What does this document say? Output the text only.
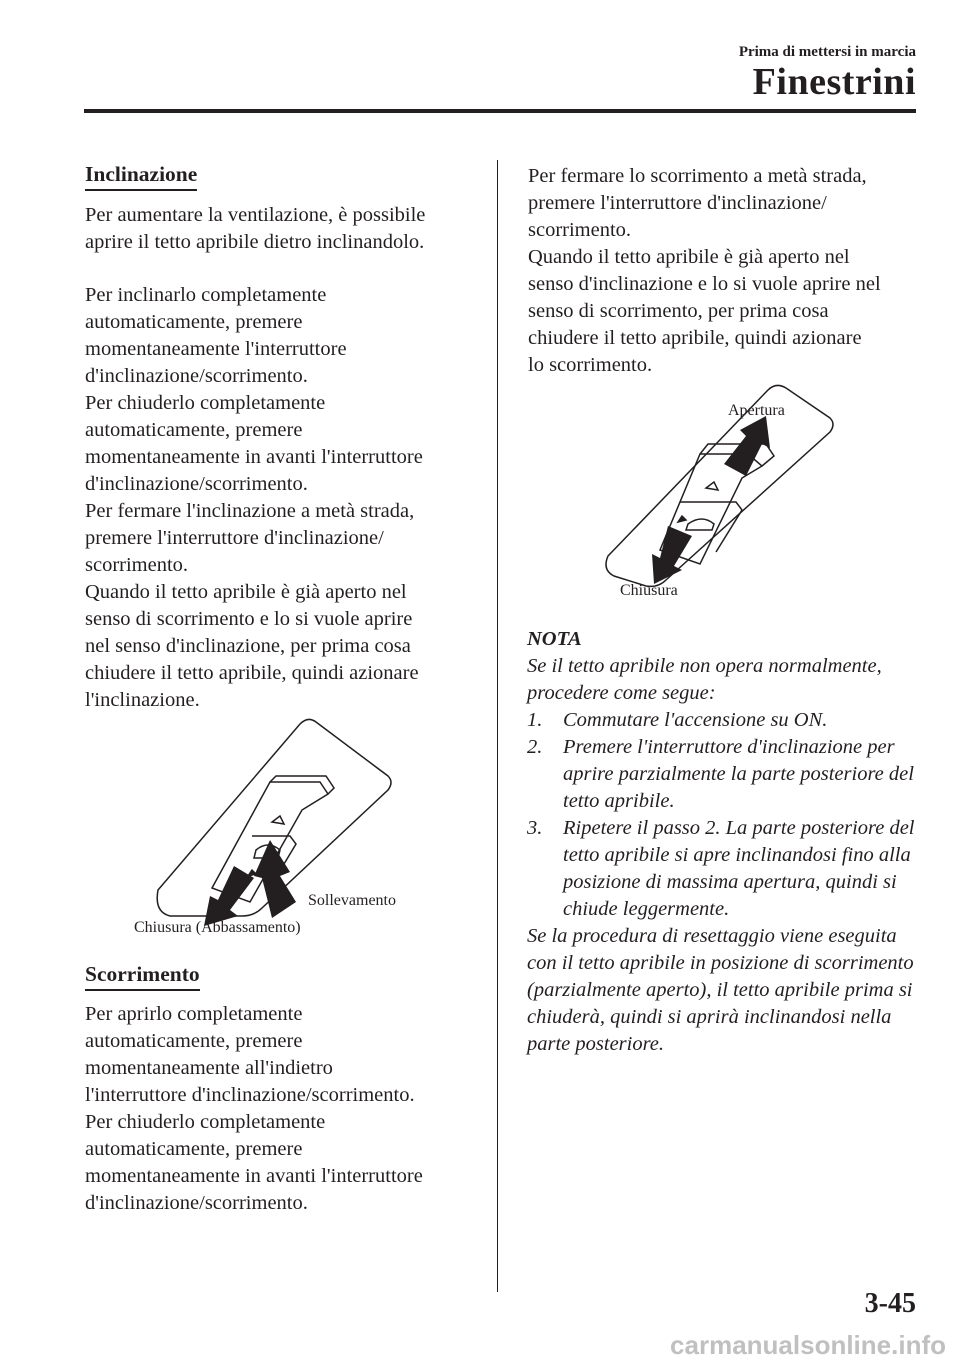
Prima di mettersi in marcia
Finestrini
Inclinazione

Per aumentare la ventilazione, è possibile
aprire il tetto apribile dietro inclinandolo.

Per inclinarlo completamente
automaticamente, premere
momentaneamente l'interruttore
d'inclinazione/scorrimento.
Per chiuderlo completamente
automaticamente, premere
momentaneamente in avanti l'interruttore
d'inclinazione/scorrimento.
Per fermare l'inclinazione a metà strada,
premere l'interruttore d'inclinazione/
scorrimento.
Quando il tetto apribile è già aperto nel
senso di scorrimento e lo si vuole aprire
nel senso d'inclinazione, per prima cosa
chiudere il tetto apribile, quindi azionare
l'inclinazione.

Sollevamento
Chiusura (Abbassamento)
Scorrimento

Per aprirlo completamente
automaticamente, premere
momentaneamente all'indietro
l'interruttore d'inclinazione/scorrimento.
Per chiuderlo completamente
automaticamente, premere
momentaneamente in avanti l'interruttore
d'inclinazione/scorrimento.

Per fermare lo scorrimento a metà strada,
premere l'interruttore d'inclinazione/
scorrimento.
Quando il tetto apribile è già aperto nel
senso d'inclinazione e lo si vuole aprire nel
senso di scorrimento, per prima cosa
chiudere il tetto apribile, quindi azionare
lo scorrimento.

Apertura
Chiusura

NOTA

Se il tetto apribile non opera normalmente, procedere come segue:

1. Commutare l'accensione su ON.
2. Premere l'interruttore d'inclinazione per aprire parzialmente la parte posteriore del tetto apribile.
3. Ripetere il passo 2. La parte posteriore del tetto apribile si apre inclinandosi fino alla posizione di massima apertura, quindi si chiude leggermente.

Se la procedura di resettaggio viene eseguita con il tetto apribile in posizione di scorrimento (parzialmente aperto), il tetto apribile prima si chiuderà, quindi si aprirà inclinandosi nella parte posteriore.

3-45
carmanualsonline.info
